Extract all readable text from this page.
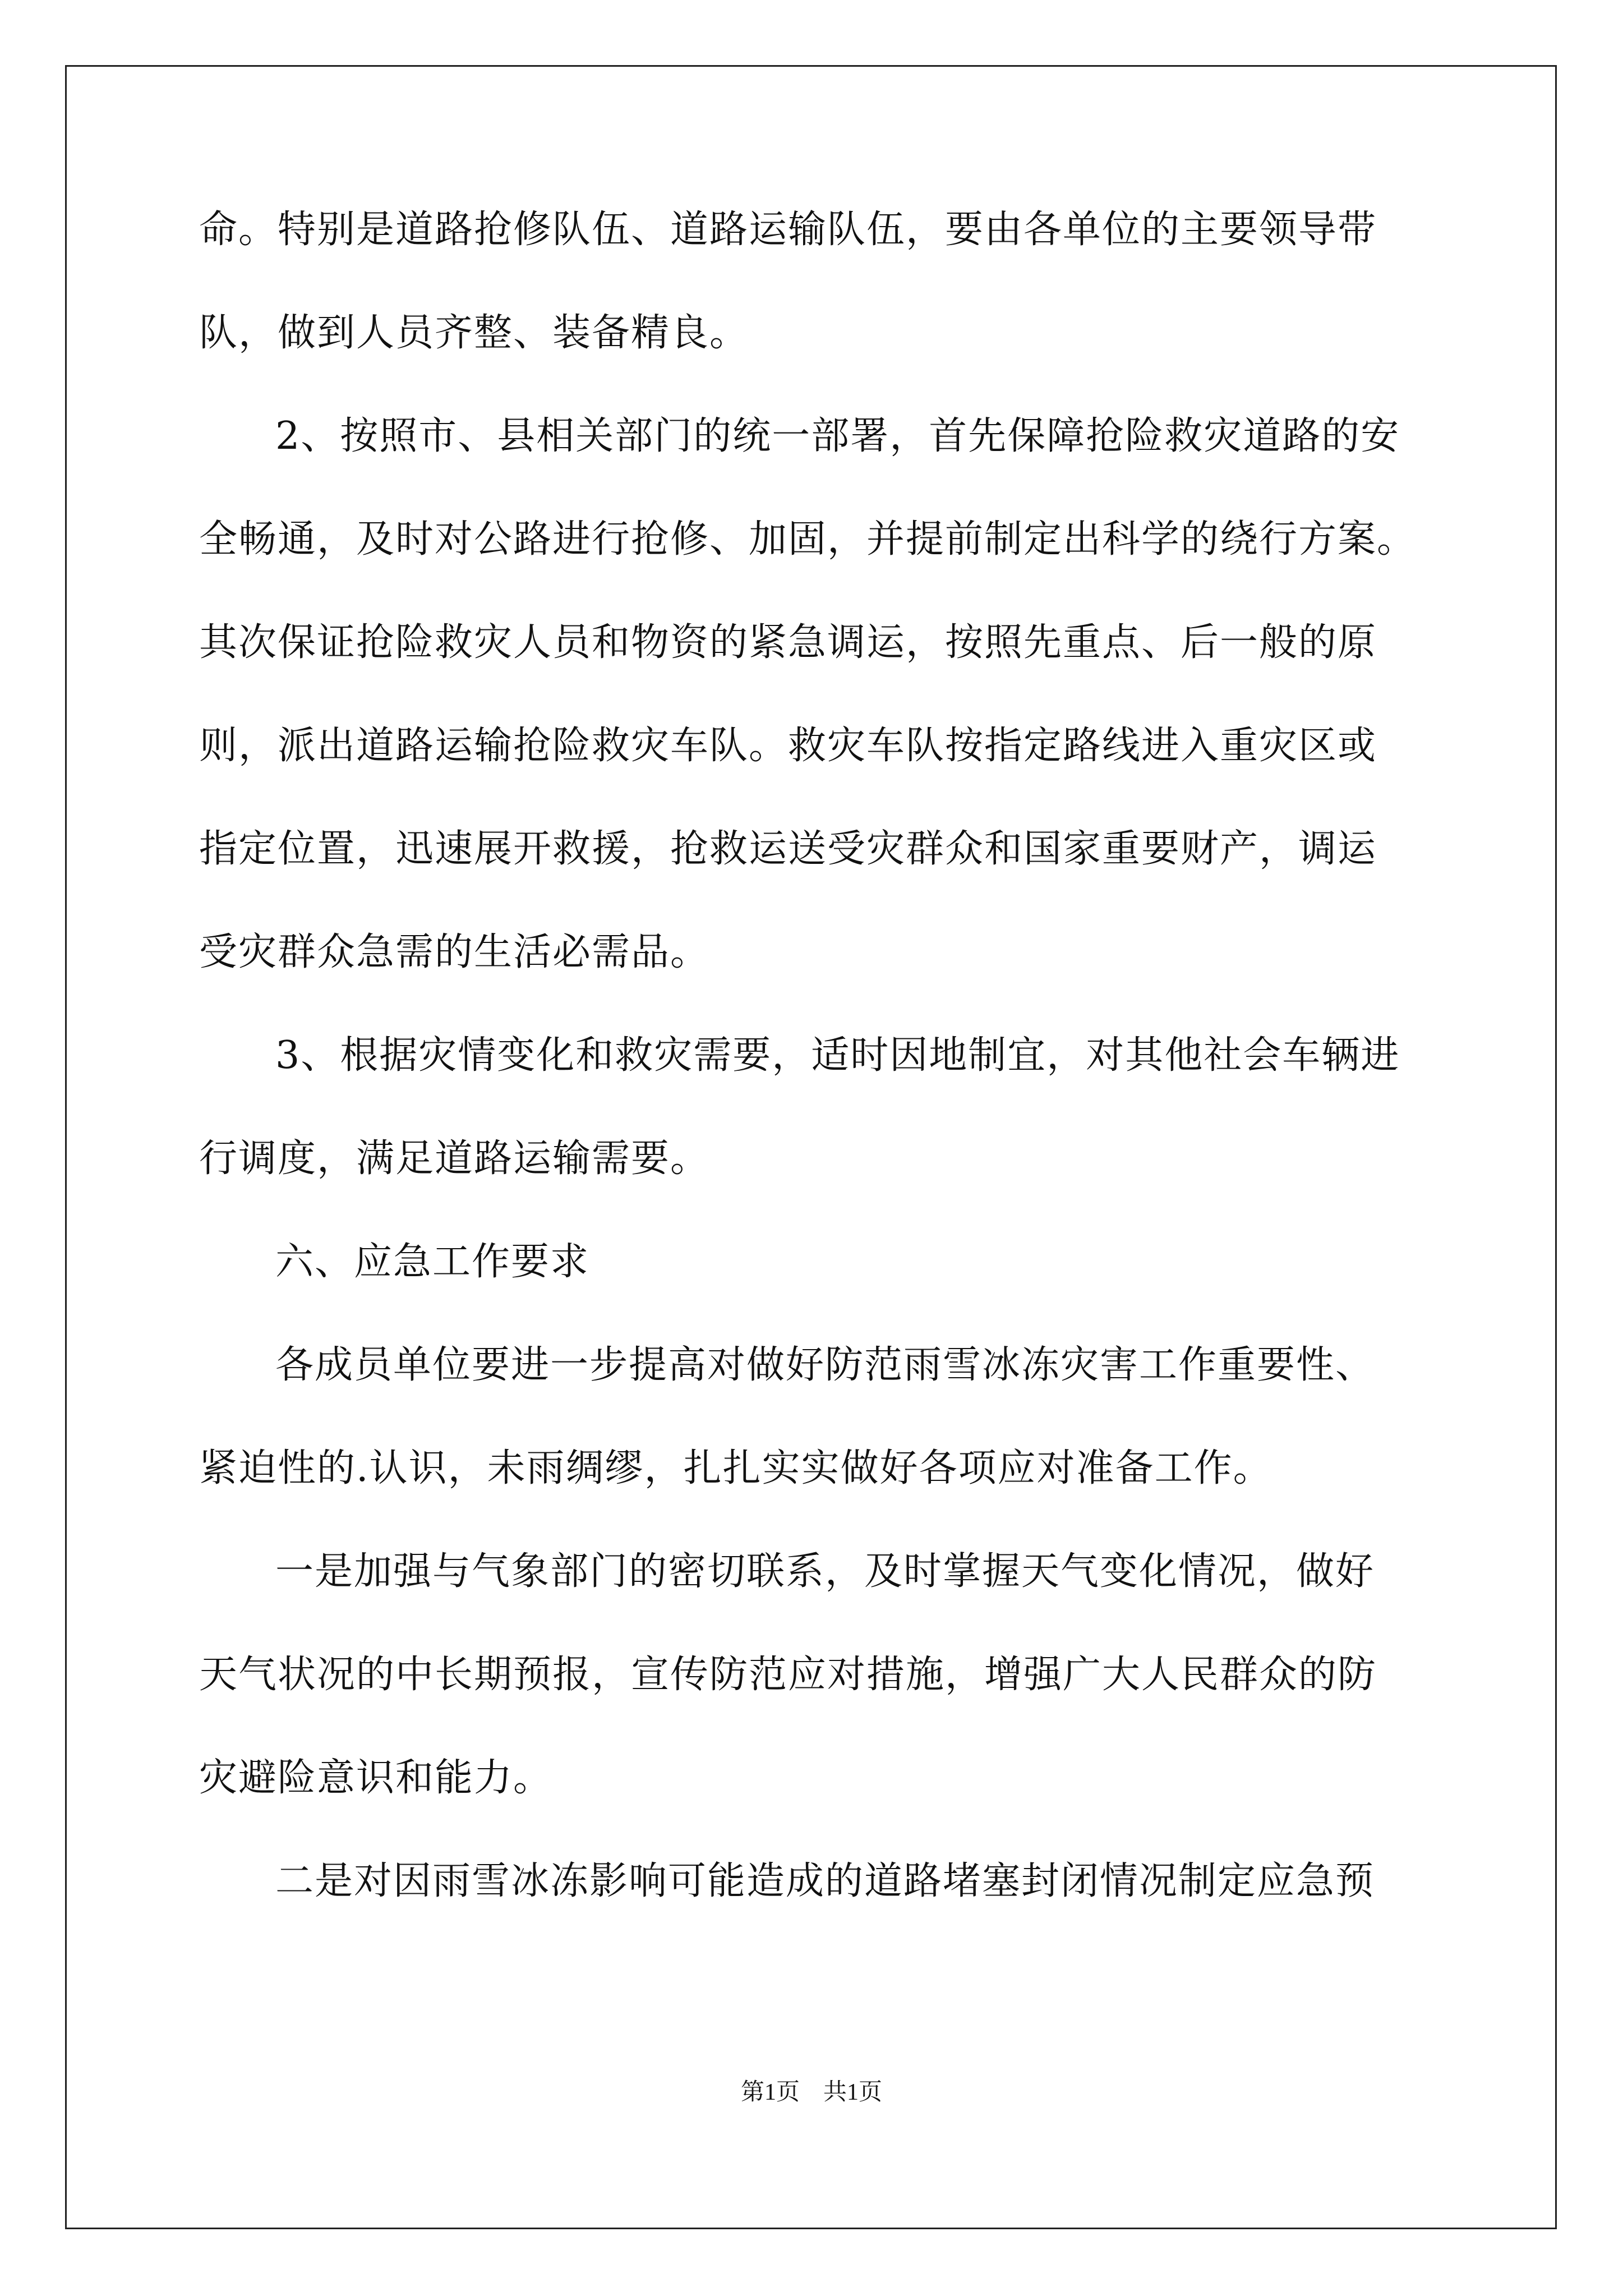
命。特别是道路抢修队伍、道路运输队伍，要由各单位的主要领导带
队，做到人员齐整、装备精良。
2、按照市、县相关部门的统一部署，首先保障抢险救灾道路的安
全畅通，及时对公路进行抢修、加固，并提前制定出科学的绕行方案。
其次保证抢险救灾人员和物资的紧急调运，按照先重点、后一般的原
则，派出道路运输抢险救灾车队。救灾车队按指定路线进入重灾区或
指定位置，迅速展开救援，抢救运送受灾群众和国家重要财产，调运
受灾群众急需的生活必需品。
3、根据灾情变化和救灾需要，适时因地制宜，对其他社会车辆进
行调度，满足道路运输需要。
六、应急工作要求
各成员单位要进一步提高对做好防范雨雪冰冻灾害工作重要性、
紧迫性的.认识，未雨绸缪，扎扎实实做好各项应对准备工作。
一是加强与气象部门的密切联系，及时掌握天气变化情况，做好
天气状况的中长期预报，宣传防范应对措施，增强广大人民群众的防
灾避险意识和能力。
二是对因雨雪冰冻影响可能造成的道路堵塞封闭情况制定应急预
第1页　共1页
